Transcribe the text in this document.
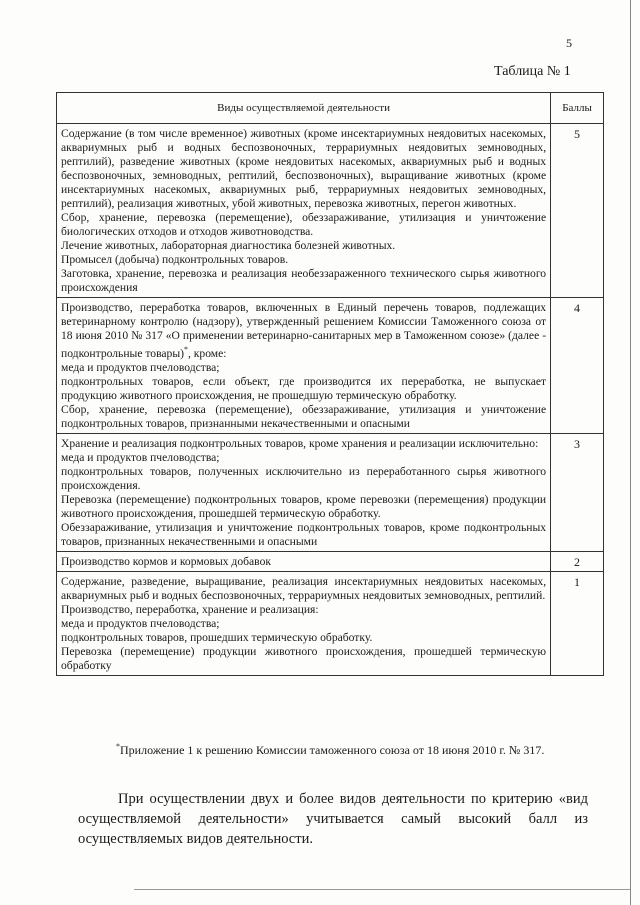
5
Таблица № 1
Виды осуществляемой деятельности	Баллы

Содержание (в том числе временное) животных (кроме инсектариумных неядовитых насекомых, аквариумных рыб и водных беспозвоночных, террариумных неядовитых земноводных, рептилий), разведение животных (кроме неядовитых насекомых, аквариумных рыб и водных беспозвоночных, земноводных, рептилий, беспозвоночных), выращивание животных (кроме инсектариумных насекомых, аквариумных рыб, террариумных неядовитых земноводных, рептилий), реализация животных, убой животных, перевозка животных, перегон животных.

Сбор, хранение, перевозка (перемещение), обеззараживание, утилизация и уничтожение биологических отходов и отходов животноводства.

Лечение животных, лабораторная диагностика болезней животных.

Промысел (добыча) подконтрольных товаров.

Заготовка, хранение, перевозка и реализация необеззараженного технического сырья животного происхождения	5

Производство, переработка товаров, включенных в Единый перечень товаров, подлежащих ветеринарному контролю (надзору), утвержденный решением Комиссии Таможенного союза от 18 июня 2010 № 317 «О применении ветеринарно-санитарных мер в Таможенном союзе» (далее - подконтрольные товары)*, кроме:

меда и продуктов пчеловодства;

подконтрольных товаров, если объект, где производится их переработка, не выпускает продукцию животного происхождения, не прошедшую термическую обработку.

Сбор, хранение, перевозка (перемещение), обеззараживание, утилизация и уничтожение подконтрольных товаров, признанными некачественными и опасными	4

Хранение и реализация подконтрольных товаров, кроме хранения и реализации исключительно:

меда и продуктов пчеловодства;

подконтрольных товаров, полученных исключительно из переработанного сырья животного происхождения.

Перевозка (перемещение) подконтрольных товаров, кроме перевозки (перемещения) продукции животного происхождения, прошедшей термическую обработку.

Обеззараживание, утилизация и уничтожение подконтрольных товаров, кроме подконтрольных товаров, признанных некачественными и опасными	3

Производство кормов и кормовых добавок	2

Содержание, разведение, выращивание, реализация инсектариумных неядовитых насекомых, аквариумных рыб и водных беспозвоночных, террариумных неядовитых земноводных, рептилий.

Производство, переработка, хранение и реализация:

меда и продуктов пчеловодства;

подконтрольных товаров, прошедших термическую обработку.

Перевозка (перемещение) продукции животного происхождения, прошедшей термическую обработку	1
*Приложение 1 к решению Комиссии таможенного союза от 18 июня 2010 г. № 317.

При осуществлении двух и более видов деятельности по критерию «вид осуществляемой деятельности» учитывается самый высокий балл из осуществляемых видов деятельности.
